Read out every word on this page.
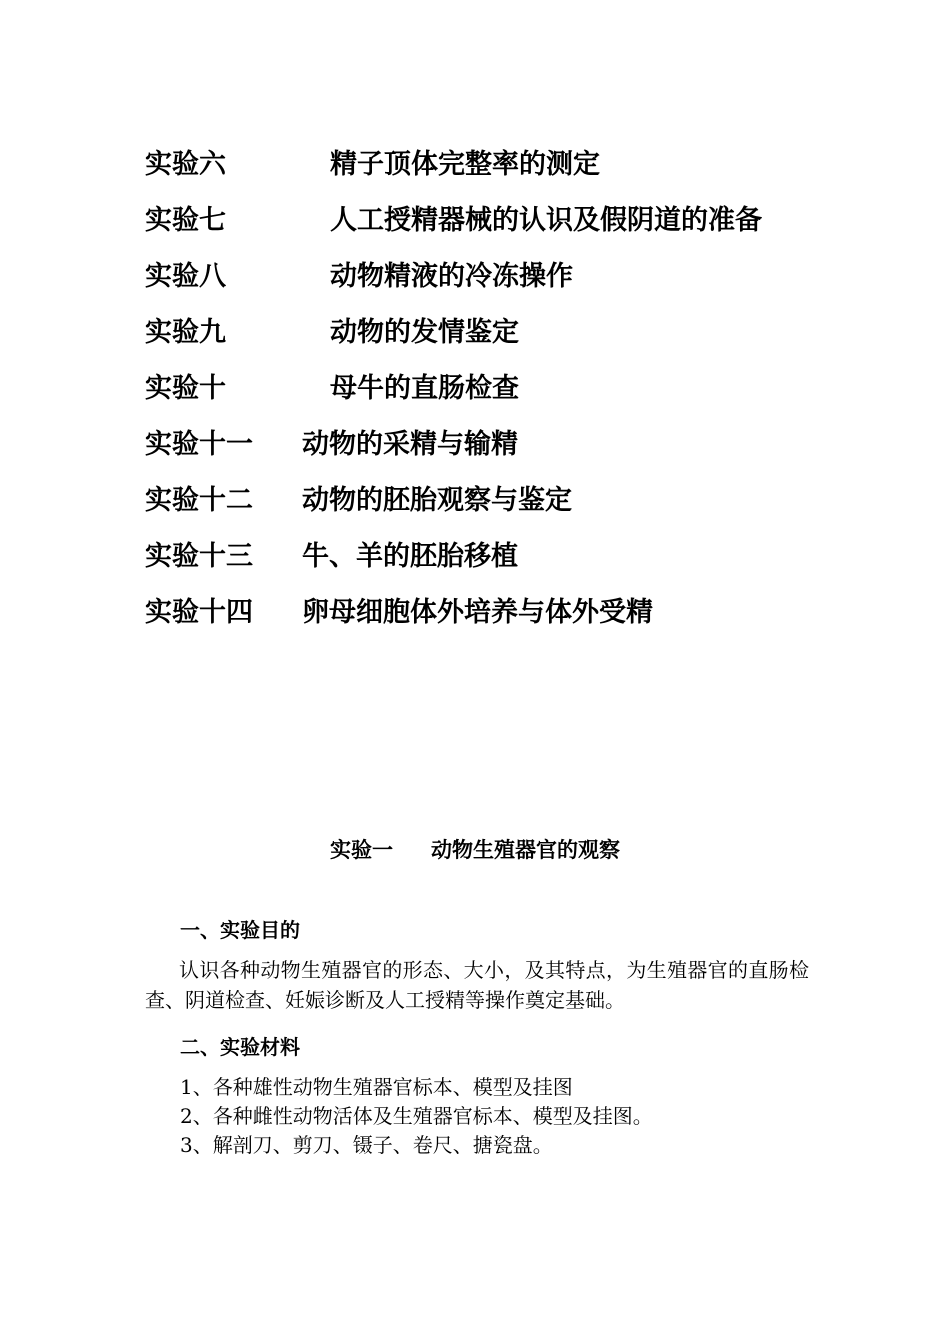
实验六	精子顶体完整率的测定
实验七	人工授精器械的认识及假阴道的准备
实验八	动物精液的冷冻操作
实验九	动物的发情鉴定
实验十	母牛的直肠检查
实验十一 动物的采精与输精
实验十二 动物的胚胎观察与鉴定
实验十三 牛、羊的胚胎移植
实验十四 卵母细胞体外培养与体外受精
实验一 动物生殖器官的观察
一、实验目的
认识各种动物生殖器官的形态、大小，及其特点，为生殖器官的直肠检查、阴道检查、妊娠诊断及人工授精等操作奠定基础。
二、实验材料
1、各种雄性动物生殖器官标本、模型及挂图
2、各种雌性动物活体及生殖器官标本、模型及挂图。
3、解剖刀、剪刀、镊子、卷尺、搪瓷盘。
